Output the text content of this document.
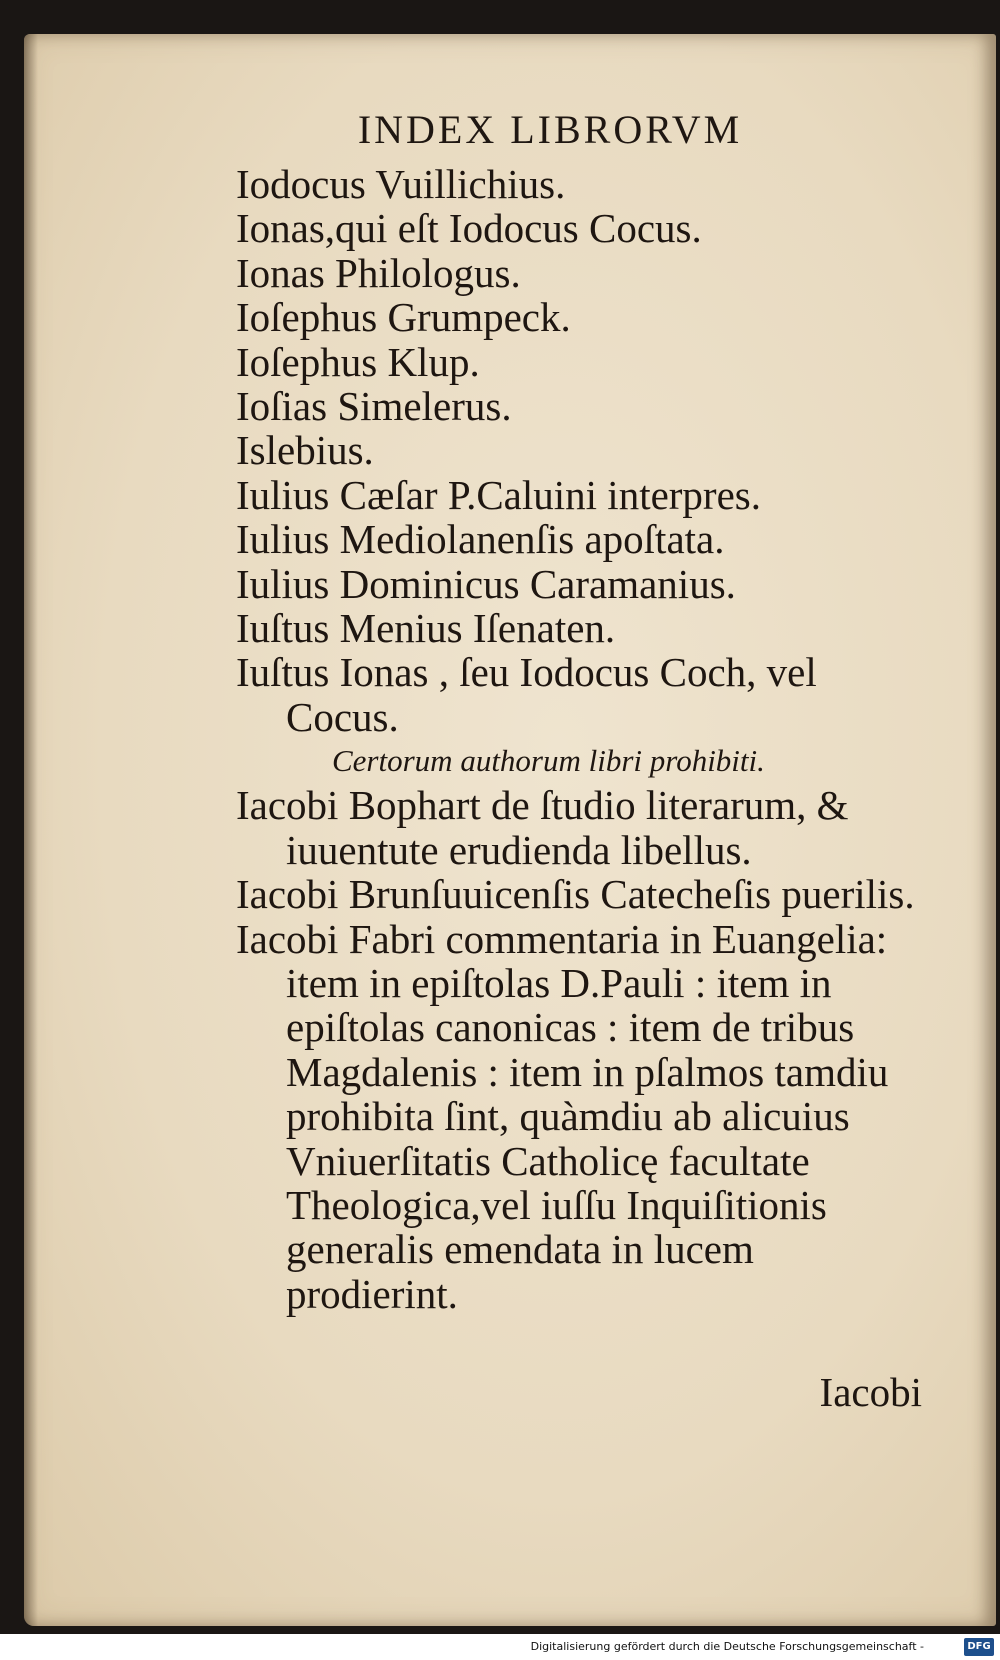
INDEX LIBRORVM

Iodocus Vuillichius.

Ionas,qui eſt Iodocus Cocus.

Ionas Philologus.

Ioſephus Grumpeck.

Ioſephus Klup.

Ioſias Simelerus.

Islebius.

Iulius Cæſar P.Caluini interpres.

Iulius Mediolanenſis apoſtata.

Iulius Dominicus Caramanius.

Iuſtus Menius Iſenaten.

Iuſtus Ionas , ſeu Iodocus Coch, vel Cocus.

Certorum authorum libri prohibiti.

Iacobi Bophart de ſtudio literarum, & iuuentute erudienda libellus.

Iacobi Brunſuuicenſis Catecheſis puerilis.

Iacobi Fabri commentaria in Euangelia: item in epiſtolas D.Pauli : item in epiſtolas canonicas : item de tribus Magdalenis : item in pſalmos tamdiu prohibita ſint, quàmdiu ab alicuius Vniuerſitatis Catholicę facultate Theologica,vel iuſſu Inquiſitionis generalis emendata in lucem prodierint.

Iacobi
Digitalisierung gefördert durch die Deutsche Forschungsgemeinschaft -	DFG
